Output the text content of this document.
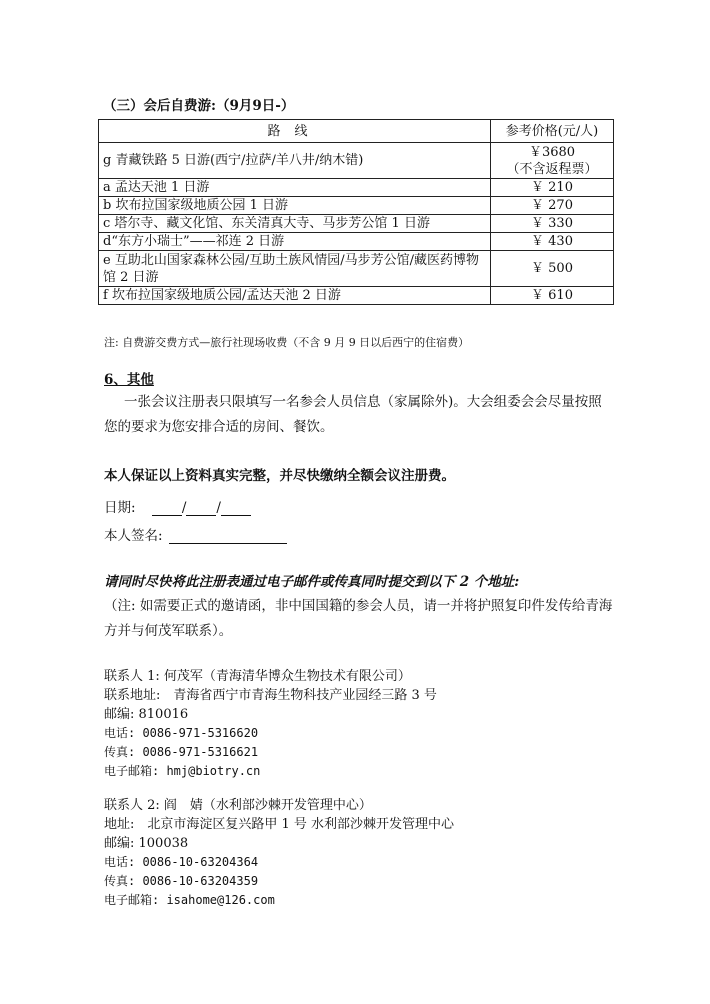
（三）会后自费游:（9月9日-）
路线	参考价格(元/人)
g 青藏铁路 5 日游(西宁/拉萨/羊八井/纳木错)	￥3680
（不含返程票）

a 孟达天池 1 日游	￥ 210
b 坎布拉国家级地质公园 1 日游	￥ 270
c 塔尔寺、藏文化馆、东关清真大寺、马步芳公馆 1 日游	￥ 330
d“东方小瑞士”——祁连 2 日游	￥ 430
e 互助北山国家森林公园/互助土族风情园/马步芳公馆/藏医药博物馆 2 日游	￥ 500
f 坎布拉国家级地质公园/孟达天池 2 日游	￥ 610
注: 自费游交费方式—旅行社现场收费（不含 9 月 9 日以后西宁的住宿费）
6、其他
一张会议注册表只限填写一名参会人员信息（家属除外)。大会组委会会尽量按照您的要求为您安排合适的房间、餐饮。
本人保证以上资料真实完整，并尽快缴纳全额会议注册费。
日期:	/ /
本人签名:
请同时尽快将此注册表通过电子邮件或传真同时提交到以下 2 个地址:
（注: 如需要正式的邀请函，非中国国籍的参会人员，请一并将护照复印件发传给青海方并与何茂军联系）。
联系人 1: 何茂军（青海清华博众生物技术有限公司）
联系地址:　青海省西宁市青海生物科技产业园经三路 3 号
邮编: 810016
电话: 0086-971-5316620
传真: 0086-971-5316621
电子邮箱: hmj@biotry.cn
联系人 2: 阎　婧（水利部沙棘开发管理中心）
地址:　北京市海淀区复兴路甲 1 号 水利部沙棘开发管理中心
邮编: 100038
电话: 0086-10-63204364
传真: 0086-10-63204359
电子邮箱: isahome@126.com
